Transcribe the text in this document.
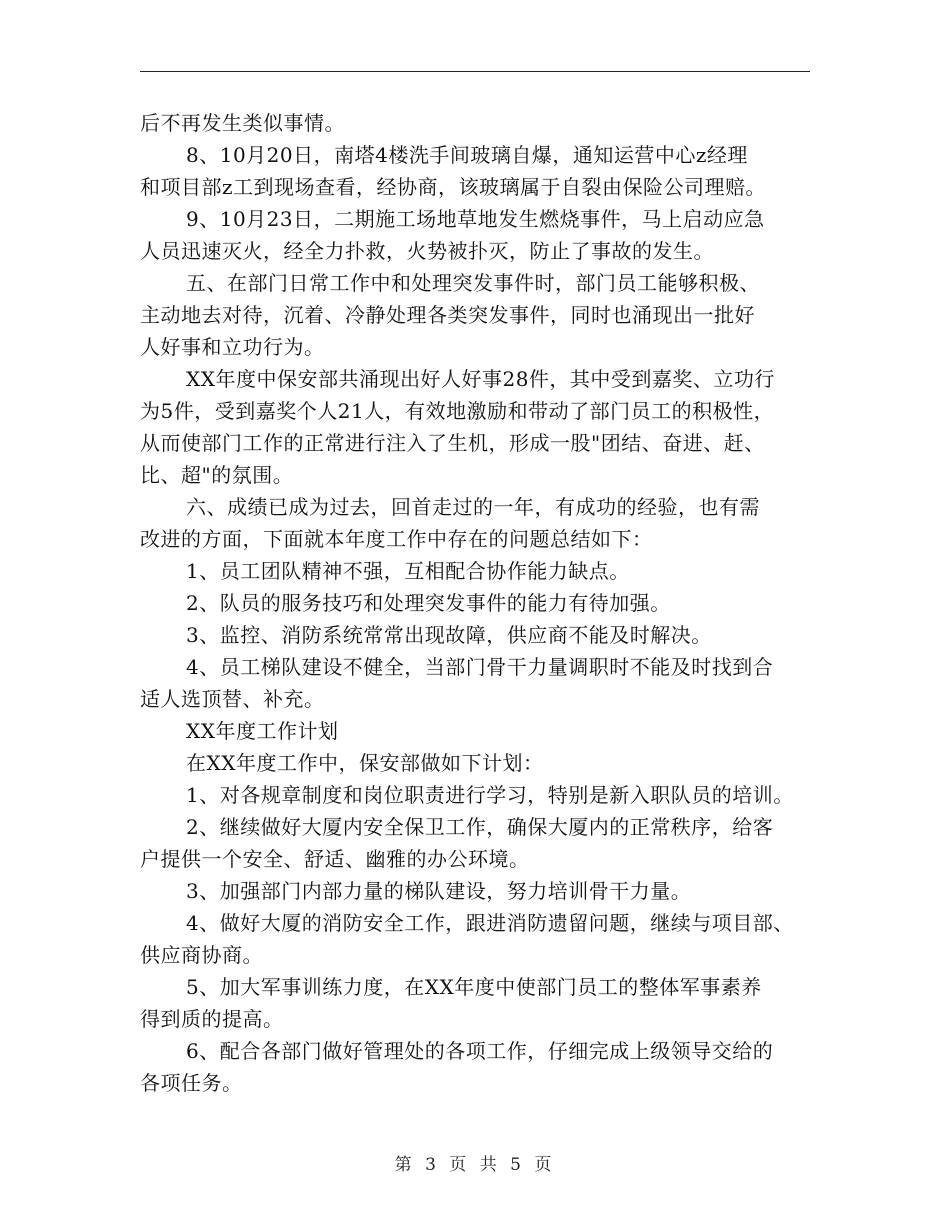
后不再发生类似事情。

8、10月20日，南塔4楼洗手间玻璃自爆，通知运营中心z经理
和项目部z工到现场查看，经协商，该玻璃属于自裂由保险公司理赔。

9、10月23日，二期施工场地草地发生燃烧事件，马上启动应急
人员迅速灭火，经全力扑救，火势被扑灭，防止了事故的发生。

五、在部门日常工作中和处理突发事件时，部门员工能够积极、
主动地去对待，沉着、冷静处理各类突发事件，同时也涌现出一批好
人好事和立功行为。

XX年度中保安部共涌现出好人好事28件，其中受到嘉奖、立功行
为5件，受到嘉奖个人21人，有效地激励和带动了部门员工的积极性，
从而使部门工作的正常进行注入了生机，形成一股"团结、奋进、赶、
比、超"的氛围。

六、成绩已成为过去，回首走过的一年，有成功的经验，也有需
改进的方面，下面就本年度工作中存在的问题总结如下：

1、员工团队精神不强，互相配合协作能力缺点。

2、队员的服务技巧和处理突发事件的能力有待加强。

3、监控、消防系统常常出现故障，供应商不能及时解决。

4、员工梯队建设不健全，当部门骨干力量调职时不能及时找到合
适人选顶替、补充。

XX年度工作计划

在XX年度工作中，保安部做如下计划：

1、对各规章制度和岗位职责进行学习，特别是新入职队员的培训。

2、继续做好大厦内安全保卫工作，确保大厦内的正常秩序，给客
户提供一个安全、舒适、幽雅的办公环境。

3、加强部门内部力量的梯队建设，努力培训骨干力量。

4、做好大厦的消防安全工作，跟进消防遗留问题，继续与项目部、
供应商协商。

5、加大军事训练力度，在XX年度中使部门员工的整体军事素养
得到质的提高。

6、配合各部门做好管理处的各项工作，仔细完成上级领导交给的
各项任务。

第 3 页 共 5 页
